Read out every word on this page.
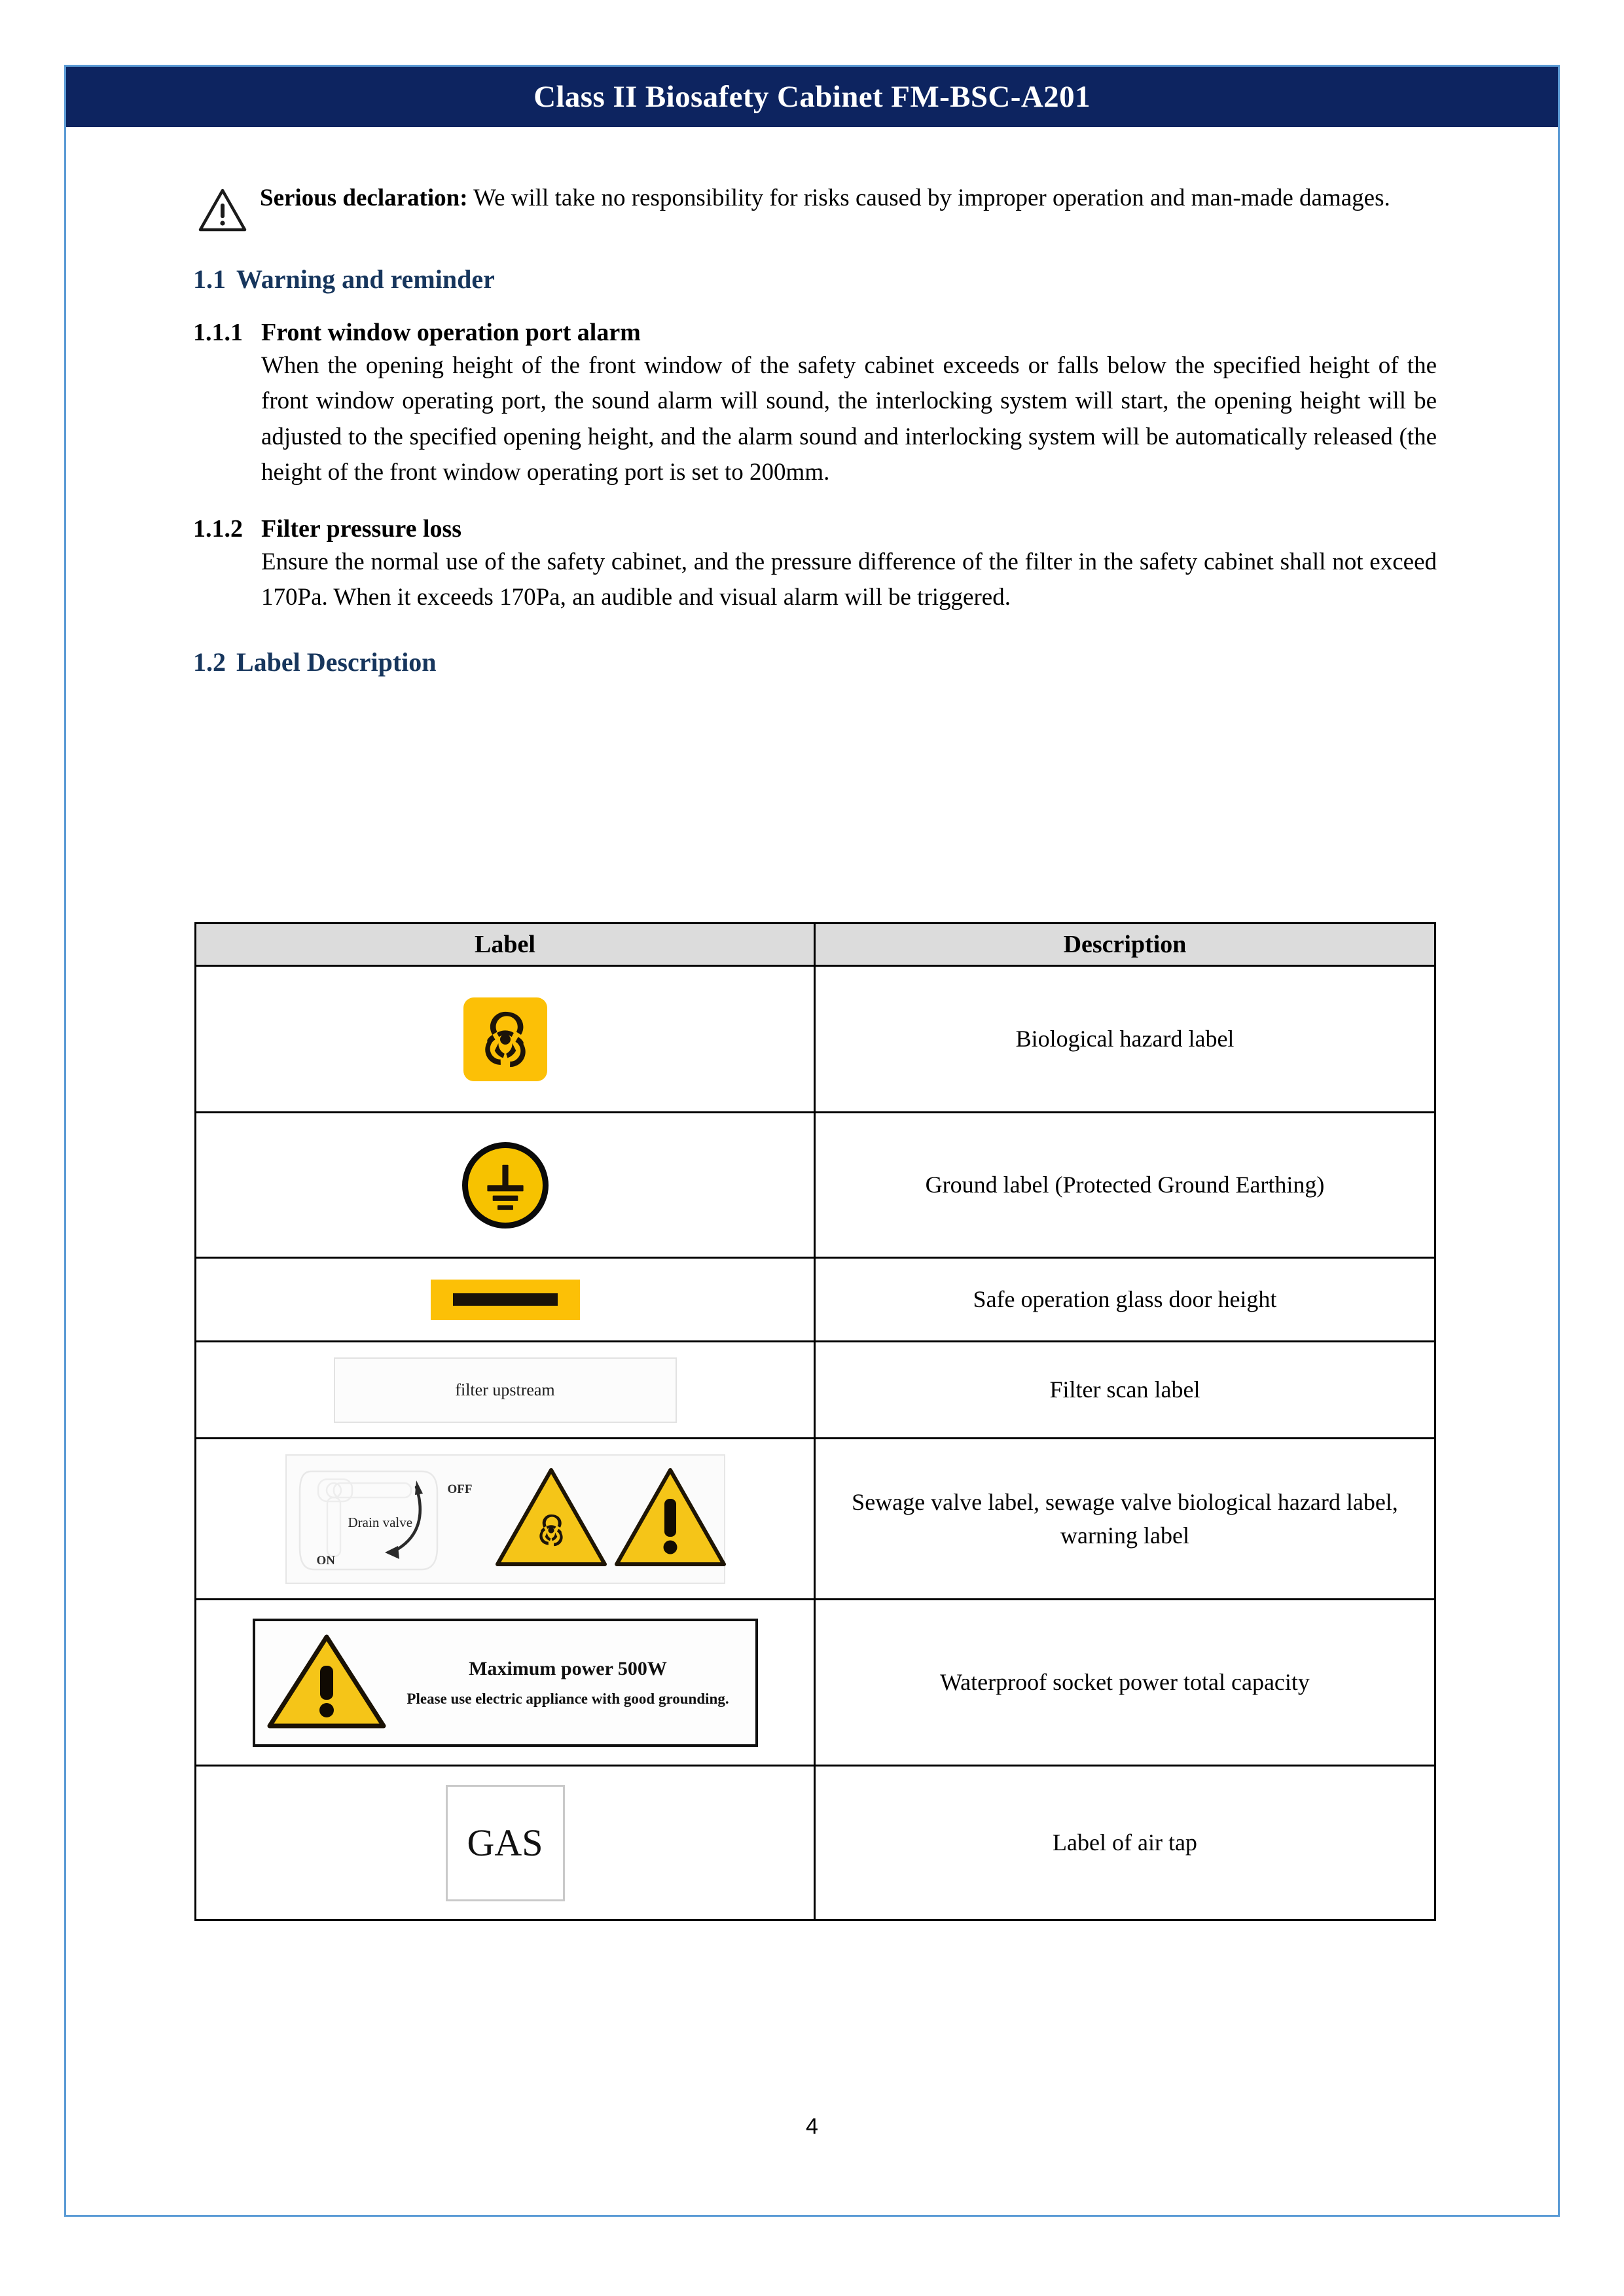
Class II Biosafety Cabinet FM-BSC-A201
Serious declaration: We will take no responsibility for risks caused by improper operation and man-made damages.
1.1 Warning and reminder
1.1.1 Front window operation port alarm

When the opening height of the front window of the safety cabinet exceeds or falls below the specified height of the front window operating port, the sound alarm will sound, the interlocking system will start, the opening height will be adjusted to the specified opening height, and the alarm sound and interlocking system will be automatically released (the height of the front window operating port is set to 200mm.

1.1.2 Filter pressure loss

Ensure the normal use of the safety cabinet, and the pressure difference of the filter in the safety cabinet shall not exceed 170Pa. When it exceeds 170Pa, an audible and visual alarm will be triggered.

1.2 Label Description
Label	Description

	Biological hazard label

	Ground label (Protected Ground Earthing)

	Safe operation glass door height

filter upstream	Filter scan label

OFF
ON
Drain valve	Sewage valve label, sewage valve biological hazard label, warning label

Maximum power 500W
Please use electric appliance with good grounding.	Waterproof socket power total capacity

GAS	Label of air tap
4
